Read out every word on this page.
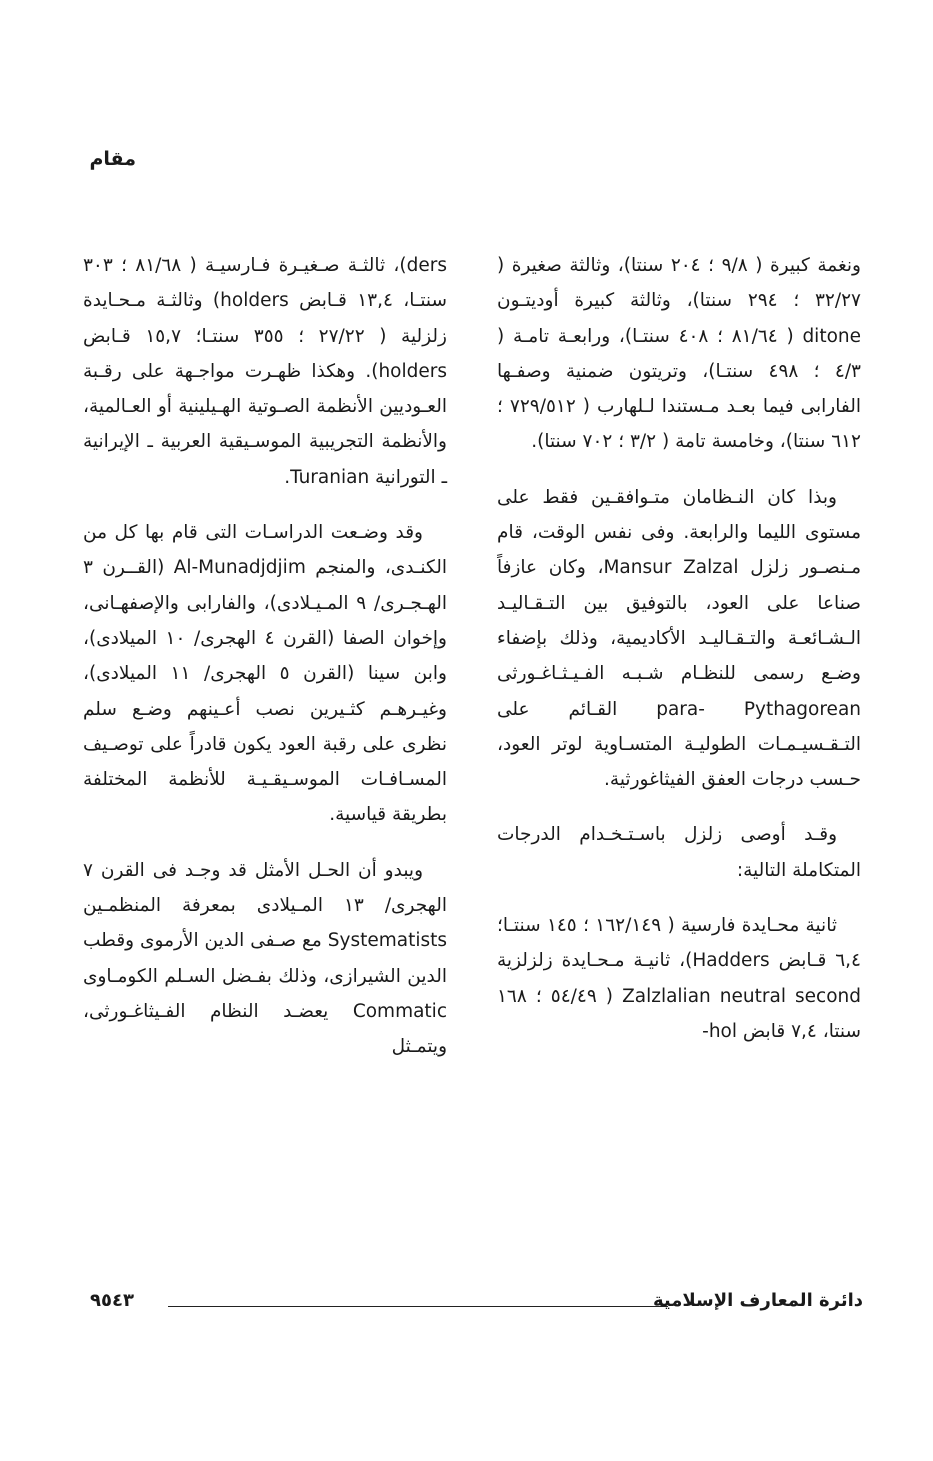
مقام

ونغمة كبيرة ( ٩/٨ ؛ ٢٠٤ سنتا)، وثالثة صغيرة ( ٣٢/٢٧ ؛ ٢٩٤ سنتا)، وثالثة كبيرة أوديتـون ditone ( ٨١/٦٤ ؛ ٤٠٨ سنتـا)، ورابعـة تامـة ( ٤/٣ ؛ ٤٩٨ سنتـا)، وتريتون ضمنية وصفـها الفارابى فيما بعـد مـستندا لـلهارب ( ٧٢٩/٥١٢ ؛ ٦١٢ سنتا)، وخامسة تامة ( ٣/٢ ؛ ٧٠٢ سنتا).

وبذا كان النـظامان متـوافقـين فقط على مستوى الليما والرابعة. وفى نفس الوقت، قام مـنصـور زلزل Mansur Zalzal، وكان عازفاً صناعا على العود، بالتوفيق بين التـقـاليـد الـشـائعـة والتـقـاليـد الأكاديمية، وذلك بإضفاء وضـع رسمى للنظـام شـبـه الفـيـثـاغـورثى para- Pythagorean القـائم على التـقـسيـمـات الطوليـة المتسـاوية لوتر العود، حـسب درجات العفق الفيثاغورثية.

وقـد أوصى زلزل باسـتـخـدام الدرجات المتكاملة التالية:

ثانية محـايدة فارسية ( ١٦٢/١٤٩ ؛ ١٤٥ سنتـا؛ ٦,٤ قـابض Hadders)، ثانيـة مـحـايدة زلزلزية Zalzlalian neutral second ( ٥٤/٤٩ ؛ ١٦٨ سنتا، ٧,٤ قابض hol-

ders)، ثالثـة صـغيـرة فـارسيـة ( ٨١/٦٨ ؛ ٣٠٣ سنتـا، ١٣,٤ قـابض holders) وثالثـة مـحـايدة زلزلية ( ٢٧/٢٢ ؛ ٣٥٥ سنتـا؛ ١٥,٧ قـابض holders). وهكذا ظهـرت مواجـهة على رقـبة العـوديين الأنظمة الصـوتية الهـيلينية أو العـالمية، والأنظمة التجريبية الموسـيقية العربية ـ الإيرانية ـ التورانية Turanian.

وقد وضـعت الدراسـات التى قام بها كل من الكنـدى، والمنجم Al-Munadjdjim (القــرن ٣ الهـجـرى/ ٩ المـيـلادى)، والفارابى والإصفهـانى، وإخوان الصفا (القرن ٤ الهجرى/ ١٠ الميلادى)، وابن سينا (القرن ٥ الهجرى/ ١١ الميلادى)، وغيـرهـم كثـيرين نصب أعـينهم وضـع سلم نظرى على رقبة العود يكون قادراً على توصـيف المسـافـات الموسـيقـيـة للأنظمة المختلفة بطريقة قياسية.

ويبدو أن الحـل الأمثل قد وجـد فى القرن ٧ الهجرى/ ١٣ المـيلادى بمعرفة المنظمـين Systematists مع صـفى الدين الأرموى وقطب الدين الشيرازى، وذلك بفـضل السـلم الكومـاوى Commatic يعضـد النظام الفـيثاغـورثى، ويتمـثل

دائرة المعارف الإسلامية
٩٥٤٣
